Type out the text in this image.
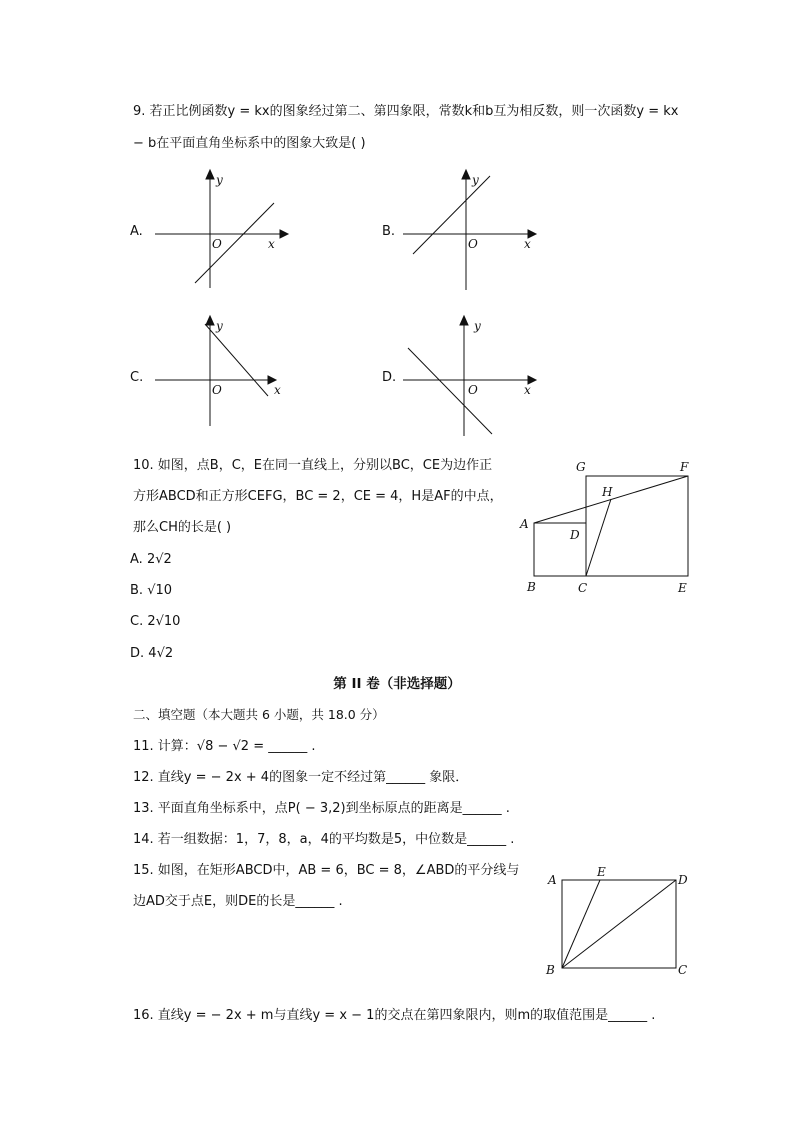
9. 若正比例函数y = kx的图象经过第二、第四象限，常数k和b互为相反数，则一次函数y = kx
− b在平面直角坐标系中的图象大致是( )
A.
y
x
O
B.
y
x
O
C.
y
x
O
D.
y
x
O
10. 如图，点B，C，E在同一直线上，分别以BC，CE为边作正
方形ABCD和正方形CEFG，BC = 2，CE = 4，H是AF的中点，
那么CH的长是( )
A. 2√2
B. √10
C. 2√10
D. 4√2
G	F
H
A
D
B	C	E
第 II 卷（非选择题）
二、填空题（本大题共 6 小题，共 18.0 分）
11. 计算：√8 − √2 = ______ .
12. 直线y = − 2x + 4的图象一定不经过第______ 象限．
13. 平面直角坐标系中，点P( − 3,2)到坐标原点的距离是______ .
14. 若一组数据：1，7，8，a，4的平均数是5，中位数是______ .
15. 如图，在矩形ABCD中，AB = 6，BC = 8，∠ABD的平分线与
边AD交于点E，则DE的长是______ .
A
E
D
B	C
16. 直线y = − 2x + m与直线y = x − 1的交点在第四象限内，则m的取值范围是______ .
